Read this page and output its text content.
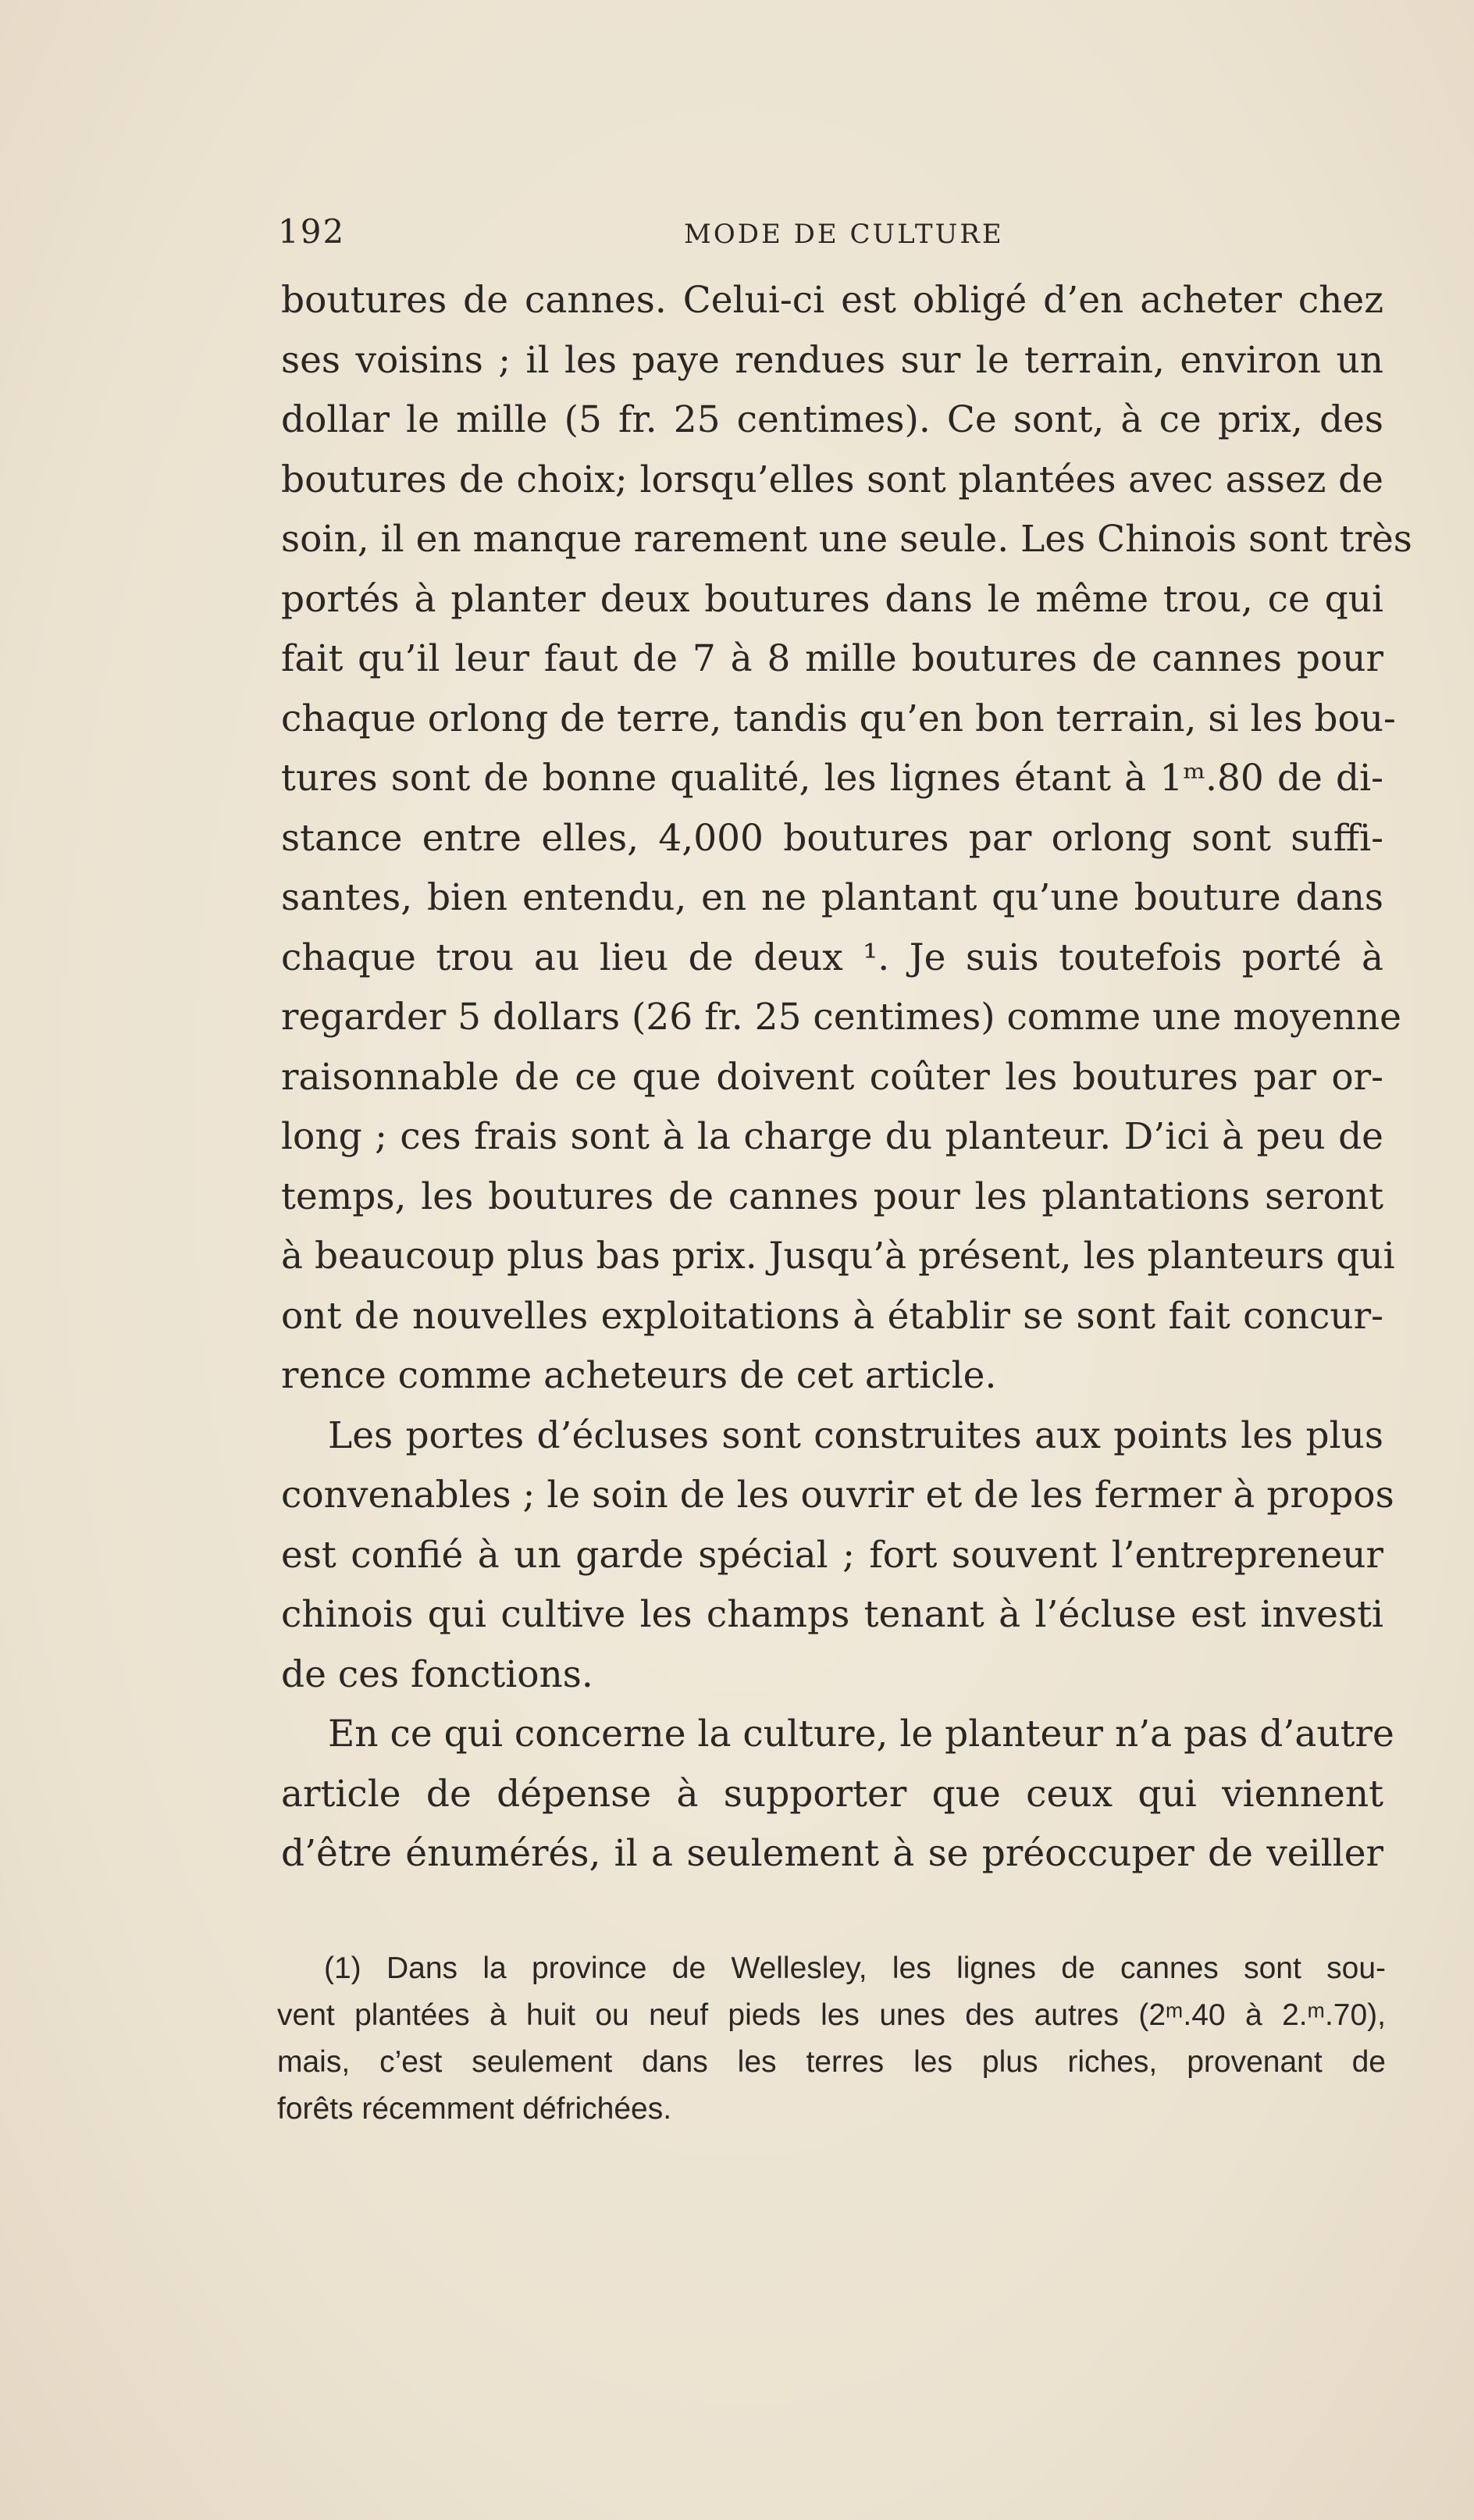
192	MODE DE CULTURE
boutures de cannes. Celui-ci est obligé d’en acheter chez
ses voisins ; il les paye rendues sur le terrain, environ un
dollar le mille (5 fr. 25 centimes). Ce sont, à ce prix, des
boutures de choix; lorsqu’elles sont plantées avec assez de
soin, il en manque rarement une seule. Les Chinois sont très
portés à planter deux boutures dans le même trou, ce qui
fait qu’il leur faut de 7 à 8 mille boutures de cannes pour
chaque orlong de terre, tandis qu’en bon terrain, si les bou-
tures sont de bonne qualité, les lignes étant à 1ᵐ.80 de di-
stance entre elles, 4,000 boutures par orlong sont suffi-
santes, bien entendu, en ne plantant qu’une bouture dans
chaque trou au lieu de deux ¹. Je suis toutefois porté à
regarder 5 dollars (26 fr. 25 centimes) comme une moyenne
raisonnable de ce que doivent coûter les boutures par or-
long ; ces frais sont à la charge du planteur. D’ici à peu de
temps, les boutures de cannes pour les plantations seront
à beaucoup plus bas prix. Jusqu’à présent, les planteurs qui
ont de nouvelles exploitations à établir se sont fait concur-
rence comme acheteurs de cet article.
Les portes d’écluses sont construites aux points les plus
convenables ; le soin de les ouvrir et de les fermer à propos
est confié à un garde spécial ; fort souvent l’entrepreneur
chinois qui cultive les champs tenant à l’écluse est investi
de ces fonctions.
En ce qui concerne la culture, le planteur n’a pas d’autre
article de dépense à supporter que ceux qui viennent
d’être énumérés, il a seulement à se préoccuper de veiller
(1) Dans la province de Wellesley, les lignes de cannes sont sou-
vent plantées à huit ou neuf pieds les unes des autres (2ᵐ.40 à 2.ᵐ.70),
mais, c’est seulement dans les terres les plus riches, provenant de
forêts récemment défrichées.
